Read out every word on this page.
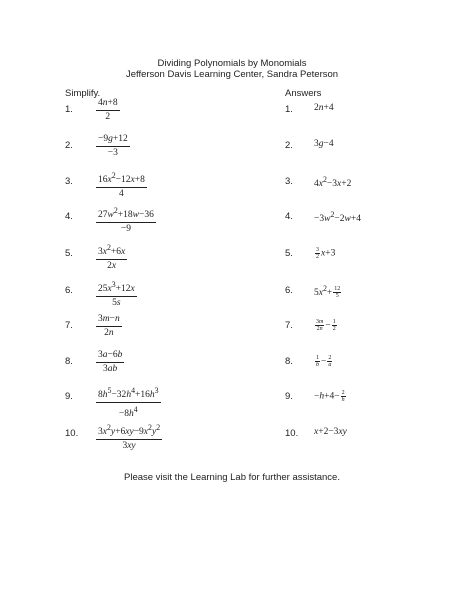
Dividing Polynomials by Monomials
Jefferson Davis Learning Center, Sandra Peterson
Simplify.	Answers
1. $\frac{4n+8}{2}$	1. 2n+4
2. $\frac{-9g+12}{-3}$	2. 3g−4
3. $\frac{16x^2-12x+8}{4}$	3. $4x^2-3x+2$
4. $\frac{27w^2+18w-36}{-9}$	4. $-3w^2-2w+4$
5. $\frac{3x^2+6x}{2x}$	5.	$\frac{3}{2} x+3$
6. $\frac{25x^3+12x}{5s}$	6. $5x^2+ \frac{12}{5}$
7. $\frac{3m-n}{2n}$	7.	$\frac{3m}{2n} - \frac{1}{2}$
8. $\frac{3a-6b}{3ab}$	8.	$\frac{1}{b} - \frac{2}{a}$
9. $\frac{8h^5-32h^4+16h^3}{-8h^4}$	9. $-h+4- \frac{2}{h}$
10. $\frac{3x^2y+6xy-9x^2y^2}{3xy}$	10. x+2−3xy
Please visit the Learning Lab for further assistance.
